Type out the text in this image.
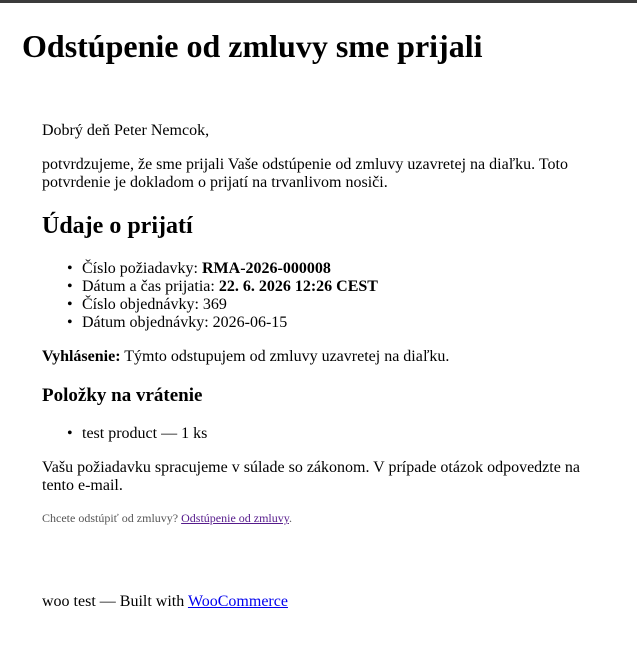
Odstúpenie od zmluvy sme prijali

Dobrý deň Peter Nemcok,

potvrdzujeme, že sme prijali Vaše odstúpenie od zmluvy uzavretej na diaľku. Toto potvrdenie je dokladom o prijatí na trvanlivom nosiči.

Údaje o prijatí
• Číslo požiadavky: RMA-2026-000008
• Dátum a čas prijatia: 22. 6. 2026 12:26 CEST
• Číslo objednávky: 369
• Dátum objednávky: 2026-06-15

Vyhlásenie: Týmto odstupujem od zmluvy uzavretej na diaľku.

Položky na vrátenie
• test product — 1 ks

Vašu požiadavku spracujeme v súlade so zákonom. V prípade otázok odpovedzte na tento e-mail.

Chcete odstúpiť od zmluvy? Odstúpenie od zmluvy.

woo test — Built with WooCommerce
